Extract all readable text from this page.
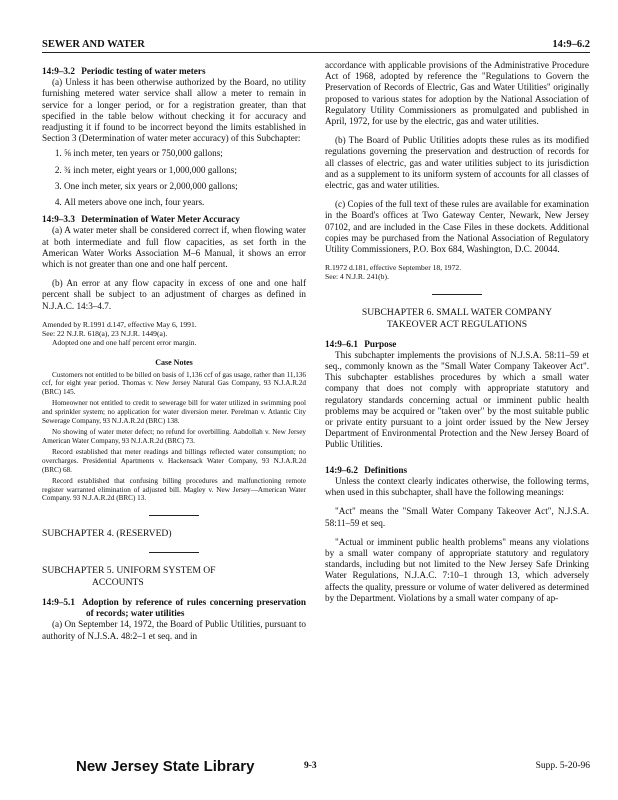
SEWER AND WATER	14:9–6.2

14:9–3.2 Periodic testing of water meters

(a) Unless it has been otherwise authorized by the Board, no utility furnishing metered water service shall allow a meter to remain in service for a longer period, or for a registration greater, than that specified in the table below without checking it for accuracy and readjusting it if found to be incorrect beyond the limits established in Section 3 (Determination of water meter accuracy) of this Subchapter:

1. ⅝ inch meter, ten years or 750,000 gallons;
2. ¾ inch meter, eight years or 1,000,000 gallons;
3. One inch meter, six years or 2,000,000 gallons;
4. All meters above one inch, four years.

14:9–3.3 Determination of Water Meter Accuracy

(a) A water meter shall be considered correct if, when flowing water at both intermediate and full flow capacities, as set forth in the American Water Works Association M–6 Manual, it shows an error which is not greater than one and one half percent.

(b) An error at any flow capacity in excess of one and one half percent shall be subject to an adjustment of charges as defined in N.J.A.C. 14:3–4.7.

Amended by R.1991 d.147, effective May 6, 1991.

See: 22 N.J.R. 618(a), 23 N.J.R. 1449(a).

Adopted one and one half percent error margin.

Case Notes

Customers not entitled to be billed on basis of 1,136 ccf of gas usage, rather than 11,136 ccf, for eight year period. Thomas v. New Jersey Natural Gas Company, 93 N.J.A.R.2d (BRC) 145.

Homeowner not entitled to credit to sewerage bill for water utilized in swimming pool and sprinkler system; no application for water diversion meter. Perelman v. Atlantic City Sewerage Company, 93 N.J.A.R.2d (BRC) 138.

No showing of water meter defect; no refund for overbilling. Aabdollah v. New Jersey American Water Company, 93 N.J.A.R.2d (BRC) 73.

Record established that meter readings and billings reflected water consumption; no overcharges. Presidential Apartments v. Hackensack Water Company, 93 N.J.A.R.2d (BRC) 68.

Record established that confusing billing procedures and malfunctioning remote register warranted elimination of adjusted bill. Magley v. New Jersey—American Water Company. 93 N.J.A.R.2d (BRC) 13.

SUBCHAPTER 4. (RESERVED)

SUBCHAPTER 5. UNIFORM SYSTEM OF
ACCOUNTS

14:9–5.1 Adoption by reference of rules concerning preservation of records; water utilities

(a) On September 14, 1972, the Board of Public Utilities, pursuant to authority of N.J.S.A. 48:2–1 et seq. and in

accordance with applicable provisions of the Administrative Procedure Act of 1968, adopted by reference the "Regulations to Govern the Preservation of Records of Electric, Gas and Water Utilities" originally proposed to various states for adoption by the National Association of Regulatory Utility Commissioners as promulgated and published in April, 1972, for use by the electric, gas and water utilities.

(b) The Board of Public Utilities adopts these rules as its modified regulations governing the preservation and destruction of records for all classes of electric, gas and water utilities subject to its jurisdiction and as a supplement to its uniform system of accounts for all classes of electric, gas and water utilities.

(c) Copies of the full text of these rules are available for examination in the Board's offices at Two Gateway Center, Newark, New Jersey 07102, and are included in the Case Files in these dockets. Additional copies may be purchased from the National Association of Regulatory Utility Commissioners, P.O. Box 684, Washington, D.C. 20044.

R.1972 d.181, effective September 18, 1972.

See: 4 N.J.R. 241(b).

SUBCHAPTER 6. SMALL WATER COMPANY
TAKEOVER ACT REGULATIONS

14:9–6.1 Purpose

This subchapter implements the provisions of N.J.S.A. 58:11–59 et seq., commonly known as the "Small Water Company Takeover Act". This subchapter establishes procedures by which a small water company that does not comply with appropriate statutory and regulatory standards concerning actual or imminent public health problems may be acquired or "taken over" by the most suitable public or private entity pursuant to a joint order issued by the New Jersey Department of Environmental Protection and the New Jersey Board of Public Utilities.

14:9–6.2 Definitions

Unless the context clearly indicates otherwise, the following terms, when used in this subchapter, shall have the following meanings:

"Act" means the "Small Water Company Takeover Act", N.J.S.A. 58:11–59 et seq.

"Actual or imminent public health problems" means any violations by a small water company of appropriate statutory and regulatory standards, including but not limited to the New Jersey Safe Drinking Water Regulations, N.J.A.C. 7:10–1 through 13, which adversely affects the quality, pressure or volume of water delivered as determined by the Department. Violations by a small water company of ap-

New Jersey State Library	9-3	Supp. 5-20-96
